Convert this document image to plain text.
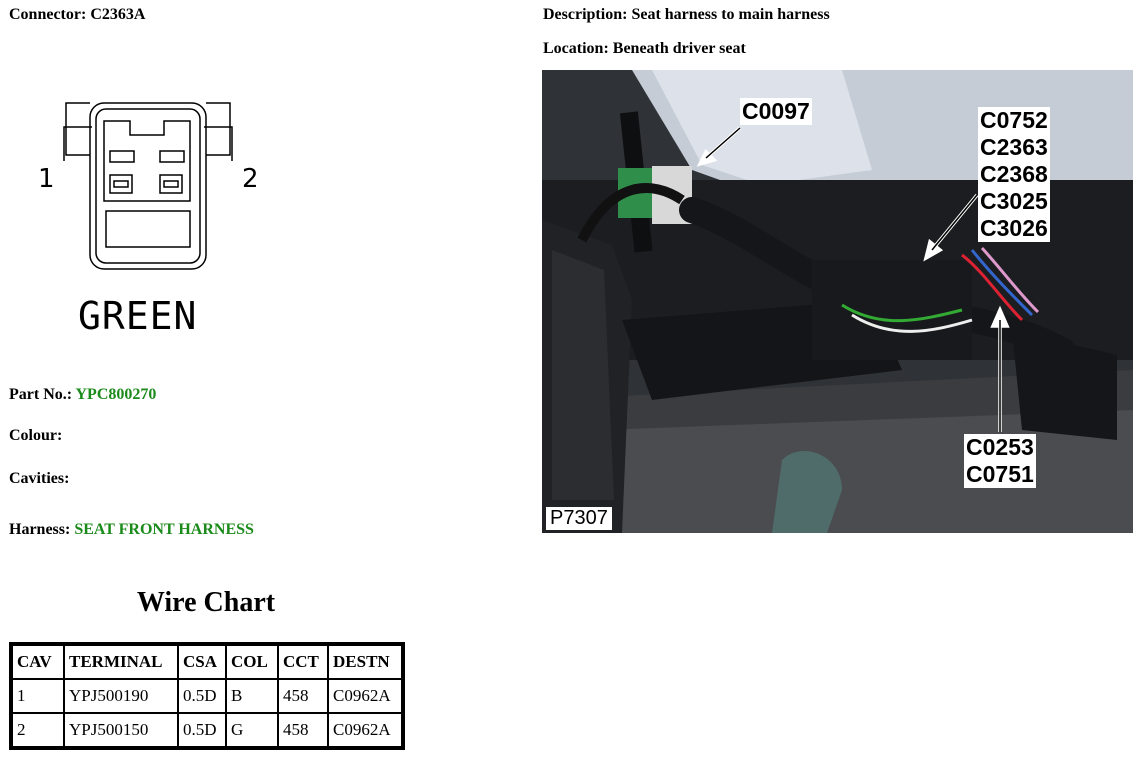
Connector: C2363A	Description: Seat harness to main harness
Location: Beneath driver seat
1	2
GREEN
Part No.: YPC800270
Colour:
Cavities:
Harness: SEAT FRONT HARNESS
Wire Chart
CAV	TERMINAL	CSA	COL	CCT	DESTN
1	YPJ500190	0.5D	B	458	C0962A
2	YPJ500150	0.5D	G	458	C0962A
C0097	C0752
C2363
C2368
C3025
C3026
C0253
C0751
P7307
